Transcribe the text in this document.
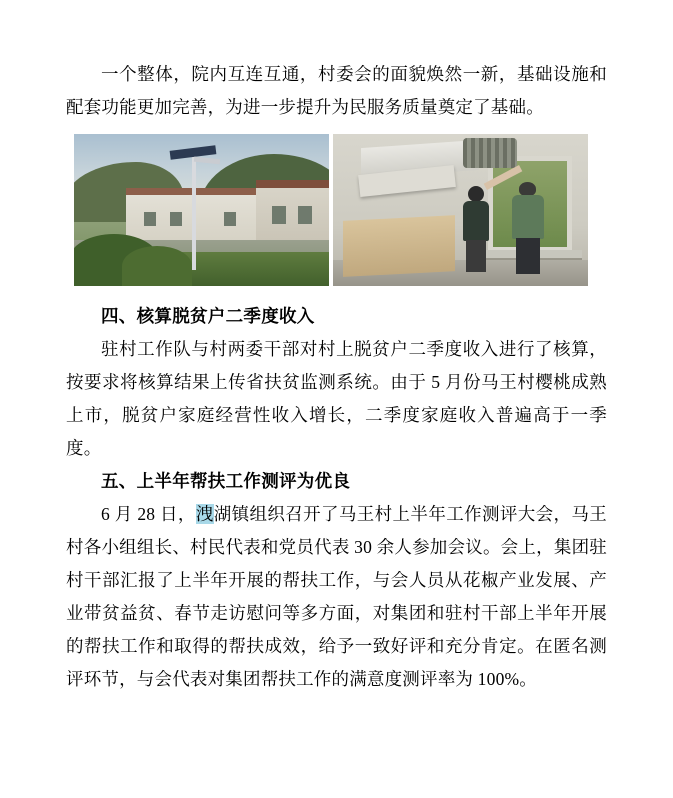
一个整体，院内互连互通，村委会的面貌焕然一新，基础设施和配套功能更加完善，为进一步提升为民服务质量奠定了基础。

四、核算脱贫户二季度收入

驻村工作队与村两委干部对村上脱贫户二季度收入进行了核算，按要求将核算结果上传省扶贫监测系统。由于 5 月份马王村樱桃成熟上市，脱贫户家庭经营性收入增长，二季度家庭收入普遍高于一季度。

五、上半年帮扶工作测评为优良

6 月 28 日，洩湖镇组织召开了马王村上半年工作测评大会，马王村各小组组长、村民代表和党员代表 30 余人参加会议。会上，集团驻村干部汇报了上半年开展的帮扶工作，与会人员从花椒产业发展、产业带贫益贫、春节走访慰问等多方面，对集团和驻村干部上半年开展的帮扶工作和取得的帮扶成效，给予一致好评和充分肯定。在匿名测评环节，与会代表对集团帮扶工作的满意度测评率为 100%。
